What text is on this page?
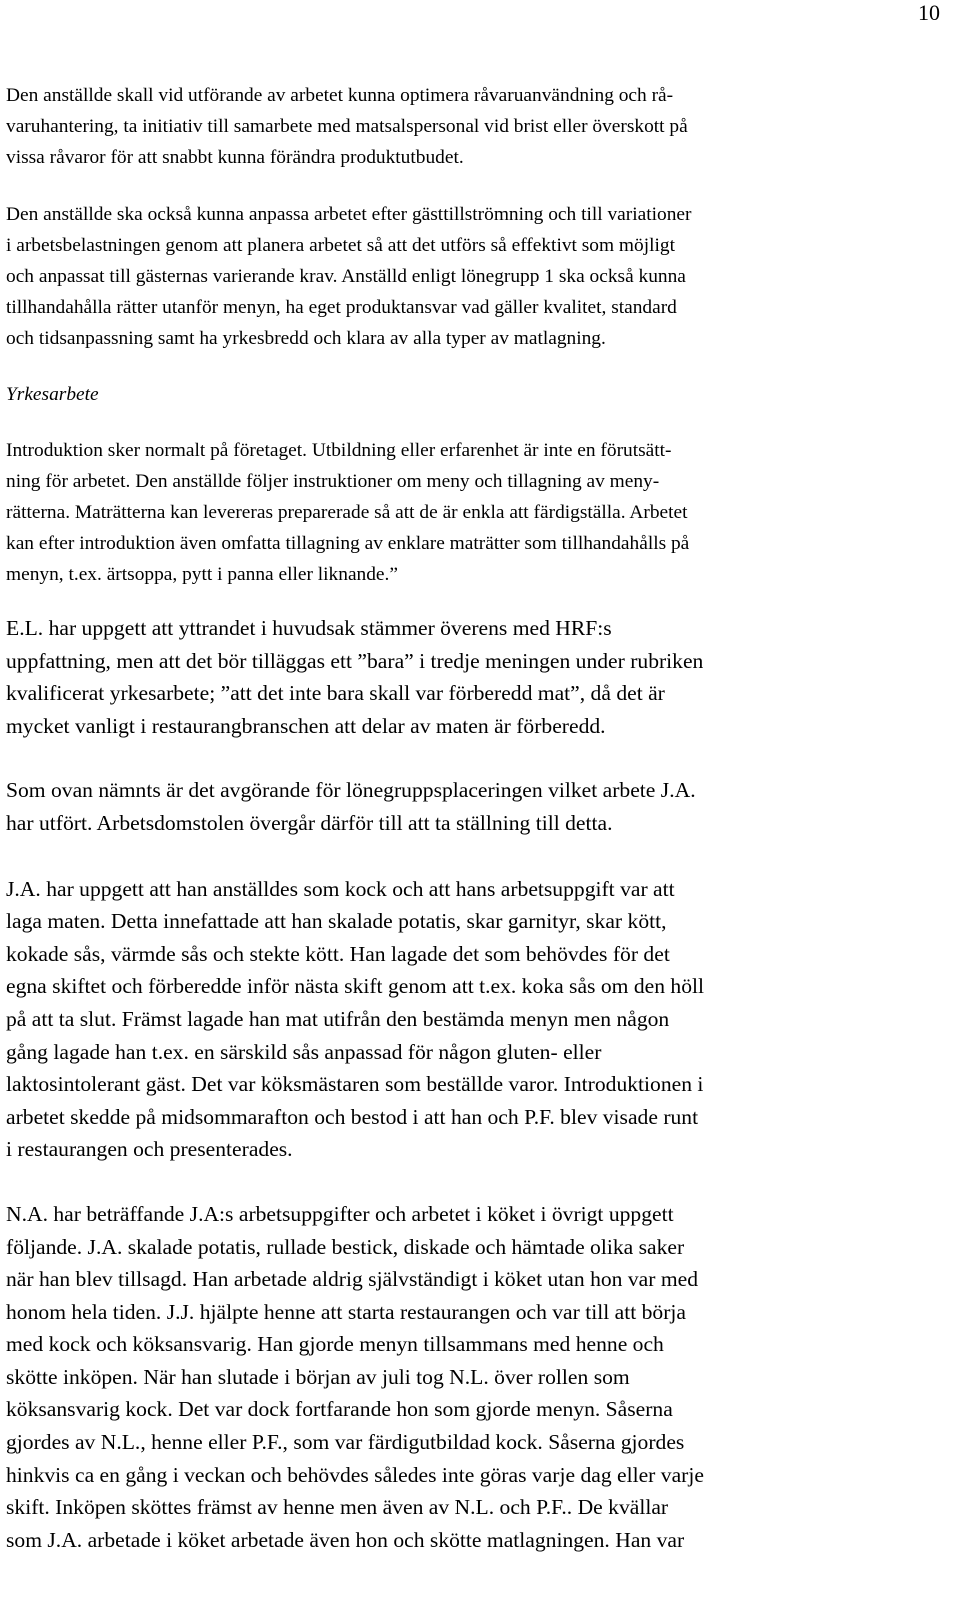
10

Den anställde skall vid utförande av arbetet kunna optimera råvaruanvändning och rå-
varuhantering, ta initiativ till samarbete med matsalspersonal vid brist eller överskott på
vissa råvaror för att snabbt kunna förändra produktutbudet.

Den anställde ska också kunna anpassa arbetet efter gästtillströmning och till variationer
i arbetsbelastningen genom att planera arbetet så att det utförs så effektivt som möjligt
och anpassat till gästernas varierande krav. Anställd enligt lönegrupp 1 ska också kunna
tillhandahålla rätter utanför menyn, ha eget produktansvar vad gäller kvalitet, standard
och tidsanpassning samt ha yrkesbredd och klara av alla typer av matlagning.

Yrkesarbete

Introduktion sker normalt på företaget. Utbildning eller erfarenhet är inte en förutsätt-
ning för arbetet. Den anställde följer instruktioner om meny och tillagning av meny-
rätterna. Maträtterna kan levereras preparerade så att de är enkla att färdigställa. Arbetet
kan efter introduktion även omfatta tillagning av enklare maträtter som tillhandahålls på
menyn, t.ex. ärtsoppa, pytt i panna eller liknande.”

E.L. har uppgett att yttrandet i huvudsak stämmer överens med HRF:s
uppfattning, men att det bör tilläggas ett ”bara” i tredje meningen under rubriken
kvalificerat yrkesarbete; ”att det inte bara skall var förberedd mat”, då det är
mycket vanligt i restaurangbranschen att delar av maten är förberedd.

Som ovan nämnts är det avgörande för lönegruppsplaceringen vilket arbete J.A.
har utfört. Arbetsdomstolen övergår därför till att ta ställning till detta.

J.A. har uppgett att han anställdes som kock och att hans arbetsuppgift var att
laga maten. Detta innefattade att han skalade potatis, skar garnityr, skar kött,
kokade sås, värmde sås och stekte kött. Han lagade det som behövdes för det
egna skiftet och förberedde inför nästa skift genom att t.ex. koka sås om den höll
på att ta slut. Främst lagade han mat utifrån den bestämda menyn men någon
gång lagade han t.ex. en särskild sås anpassad för någon gluten- eller
laktosintolerant gäst. Det var köksmästaren som beställde varor. Introduktionen i
arbetet skedde på midsommarafton och bestod i att han och P.F. blev visade runt
i restaurangen och presenterades.

N.A. har beträffande J.A:s arbetsuppgifter och arbetet i köket i övrigt uppgett
följande. J.A. skalade potatis, rullade bestick, diskade och hämtade olika saker
när han blev tillsagd. Han arbetade aldrig självständigt i köket utan hon var med
honom hela tiden. J.J. hjälpte henne att starta restaurangen och var till att börja
med kock och köksansvarig. Han gjorde menyn tillsammans med henne och
skötte inköpen. När han slutade i början av juli tog N.L. över rollen som
köksansvarig kock. Det var dock fortfarande hon som gjorde menyn. Såserna
gjordes av N.L., henne eller P.F., som var färdigutbildad kock. Såserna gjordes
hinkvis ca en gång i veckan och behövdes således inte göras varje dag eller varje
skift. Inköpen sköttes främst av henne men även av N.L. och P.F.. De kvällar
som J.A. arbetade i köket arbetade även hon och skötte matlagningen. Han var
